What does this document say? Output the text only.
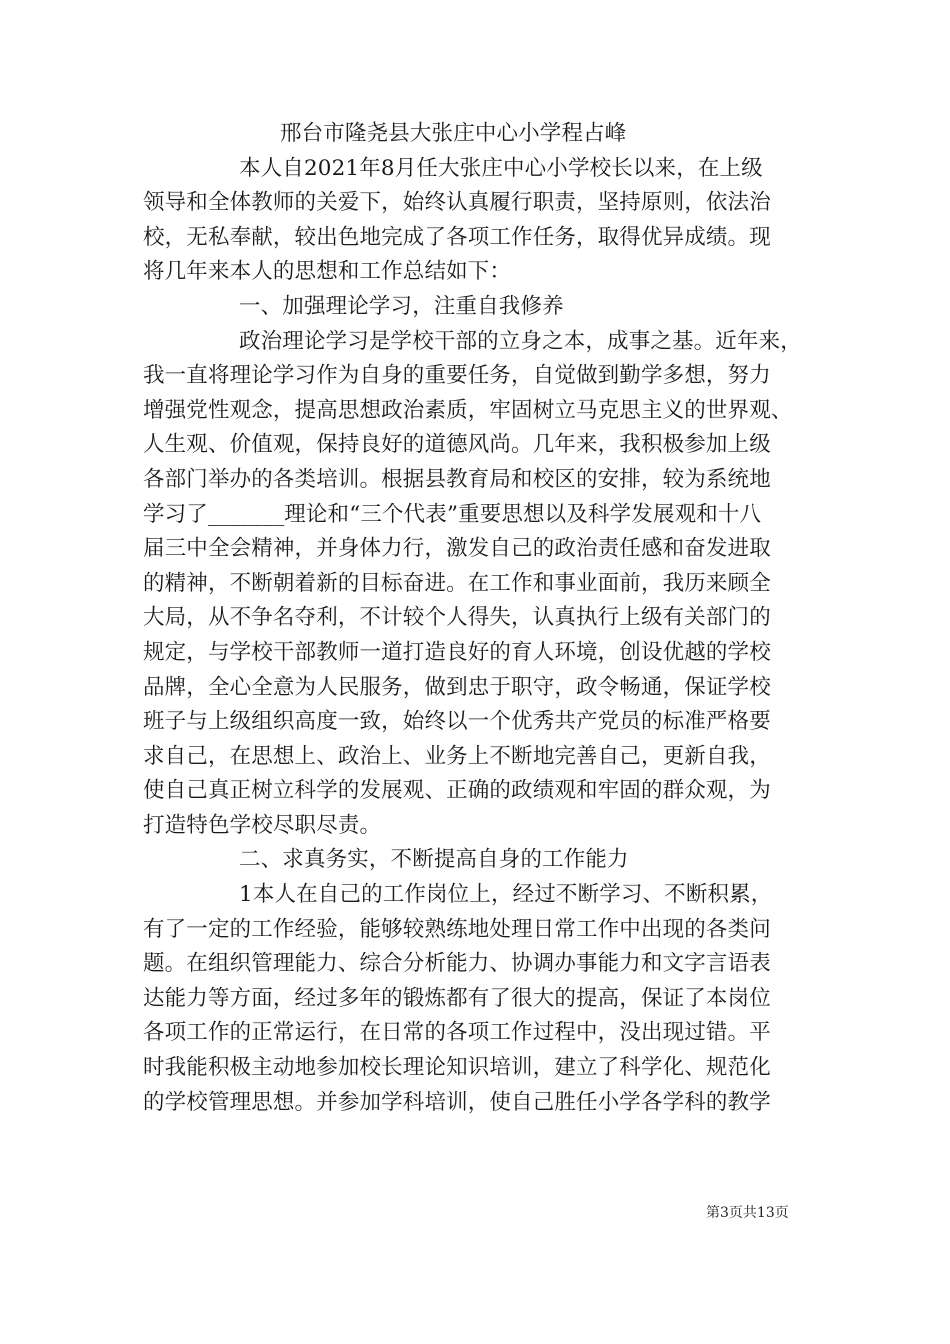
邢台市隆尧县大张庄中心小学程占峰
本人自2021年8月任大张庄中心小学校长以来，在上级
领导和全体教师的关爱下，始终认真履行职责，坚持原则，依法治
校，无私奉献，较出色地完成了各项工作任务，取得优异成绩。现
将几年来本人的思想和工作总结如下：
一、加强理论学习，注重自我修养
政治理论学习是学校干部的立身之本，成事之基。近年来，
我一直将理论学习作为自身的重要任务，自觉做到勤学多想，努力
增强党性观念，提高思想政治素质，牢固树立马克思主义的世界观、
人生观、价值观，保持良好的道德风尚。几年来，我积极参加上级
各部门举办的各类培训。根据县教育局和校区的安排，较为系统地
学习了_______理论和“三个代表”重要思想以及科学发展观和十八
届三中全会精神，并身体力行，激发自己的政治责任感和奋发进取
的精神，不断朝着新的目标奋进。在工作和事业面前，我历来顾全
大局，从不争名夺利，不计较个人得失，认真执行上级有关部门的
规定，与学校干部教师一道打造良好的育人环境，创设优越的学校
品牌，全心全意为人民服务，做到忠于职守，政令畅通，保证学校
班子与上级组织高度一致，始终以一个优秀共产党员的标准严格要
求自己，在思想上、政治上、业务上不断地完善自己，更新自我，
使自己真正树立科学的发展观、正确的政绩观和牢固的群众观，为
打造特色学校尽职尽责。
二、求真务实，不断提高自身的工作能力
1本人在自己的工作岗位上，经过不断学习、不断积累，
有了一定的工作经验，能够较熟练地处理日常工作中出现的各类问
题。在组织管理能力、综合分析能力、协调办事能力和文字言语表
达能力等方面，经过多年的锻炼都有了很大的提高，保证了本岗位
各项工作的正常运行，在日常的各项工作过程中，没出现过错。平
时我能积极主动地参加校长理论知识培训，建立了科学化、规范化
的学校管理思想。并参加学科培训，使自己胜任小学各学科的教学
第3页共13页
